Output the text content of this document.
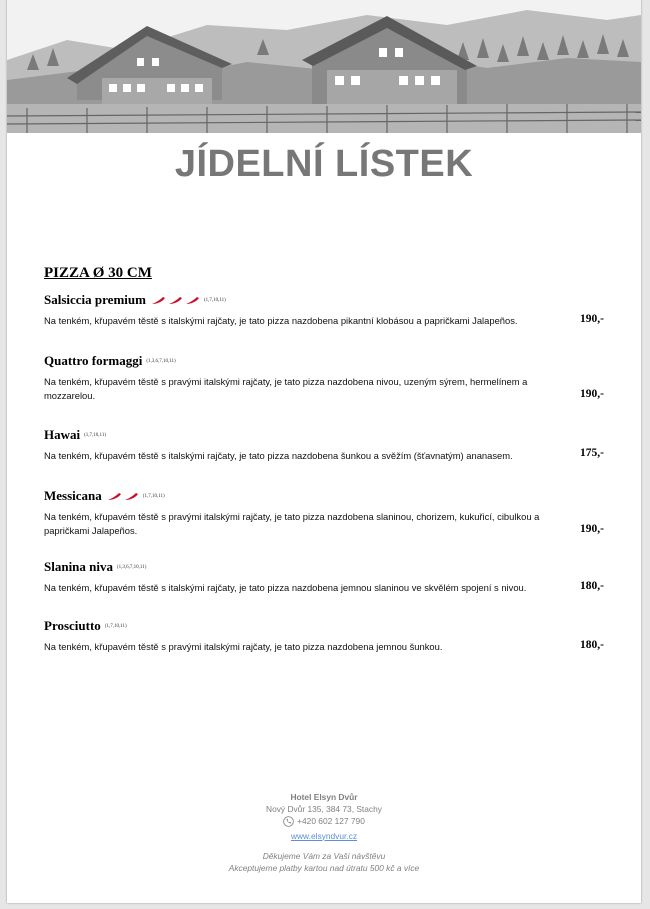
JÍDELNÍ LÍSTEK
PIZZA Ø 30 CM
Salsiccia premium	(1,7,10,11)
Na tenkém, křupavém těstě s italskými rajčaty, je tato pizza nazdobena pikantní klobásou a papričkami Jalapeños.	190,-
Quattro formaggi (1,3,6,7,10,11)
Na tenkém, křupavém těstě s pravými italskými rajčaty, je tato pizza nazdobena nivou, uzeným sýrem, hermelínem a mozzarelou.	190,-
Hawai (1,7,10,11)
Na tenkém, křupavém těstě s italskými rajčaty, je tato pizza nazdobena šunkou a svěžím (šťavnatým) ananasem.	175,-
Messicana	(1,7,10,11)
Na tenkém, křupavém těstě s pravými italskými rajčaty, je tato pizza nazdobena slaninou, chorizem, kukuřicí, cibulkou a papričkami Jalapeños.	190,-
Slanina niva (1,3,6,7,10,11)
Na tenkém, křupavém těstě s italskými rajčaty, je tato pizza nazdobena jemnou slaninou ve skvělém spojení s nivou.	180,-
Prosciutto (1,7,10,11)
Na tenkém, křupavém těstě s pravými italskými rajčaty, je tato pizza nazdobena jemnou šunkou.	180,-
Hotel Elsyn Dvůr
Nový Dvůr 135, 384 73, Stachy
+420 602 127 790
www.elsyndvur.cz
Děkujeme Vám za Vaši návštěvu
Akceptujeme platby kartou nad útratu 500 kč a více
